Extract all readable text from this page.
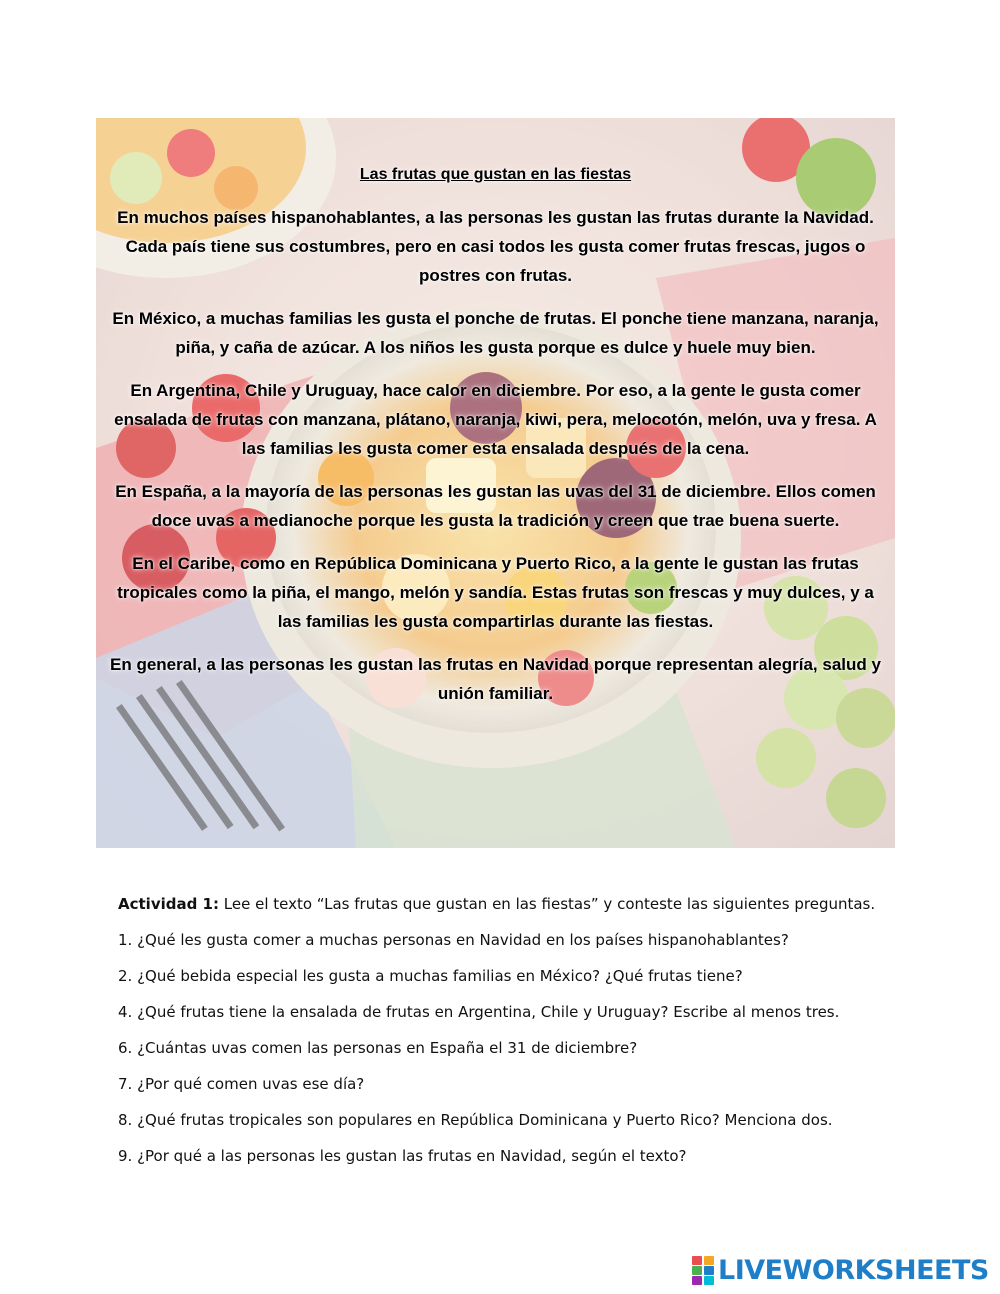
Las frutas que gustan en las fiestas

En muchos países hispanohablantes, a las personas les gustan las frutas durante la Navidad. Cada país tiene sus costumbres, pero en casi todos les gusta comer frutas frescas, jugos o postres con frutas.

En México, a muchas familias les gusta el ponche de frutas. El ponche tiene manzana, naranja, piña, y caña de azúcar. A los niños les gusta porque es dulce y huele muy bien.

En Argentina, Chile y Uruguay, hace calor en diciembre. Por eso, a la gente le gusta comer ensalada de frutas con manzana, plátano, naranja, kiwi, pera, melocotón, melón, uva y fresa. A las familias les gusta comer esta ensalada después de la cena.

En España, a la mayoría de las personas les gustan las uvas del 31 de diciembre. Ellos comen doce uvas a medianoche porque les gusta la tradición y creen que trae buena suerte.

En el Caribe, como en República Dominicana y Puerto Rico, a la gente le gustan las frutas tropicales como la piña, el mango, melón y sandía. Estas frutas son frescas y muy dulces, y a las familias les gusta compartirlas durante las fiestas.

En general, a las personas les gustan las frutas en Navidad porque representan alegría, salud y unión familiar.

Actividad 1: Lee el texto “Las frutas que gustan en las fiestas” y conteste las siguientes preguntas.
1. ¿Qué les gusta comer a muchas personas en Navidad en los países hispanohablantes?
2. ¿Qué bebida especial les gusta a muchas familias en México? ¿Qué frutas tiene?
4. ¿Qué frutas tiene la ensalada de frutas en Argentina, Chile y Uruguay? Escribe al menos tres.
6. ¿Cuántas uvas comen las personas en España el 31 de diciembre?
7. ¿Por qué comen uvas ese día?
8. ¿Qué frutas tropicales son populares en República Dominicana y Puerto Rico? Menciona dos.
9. ¿Por qué a las personas les gustan las frutas en Navidad, según el texto?
LIVEWORKSHEETS
